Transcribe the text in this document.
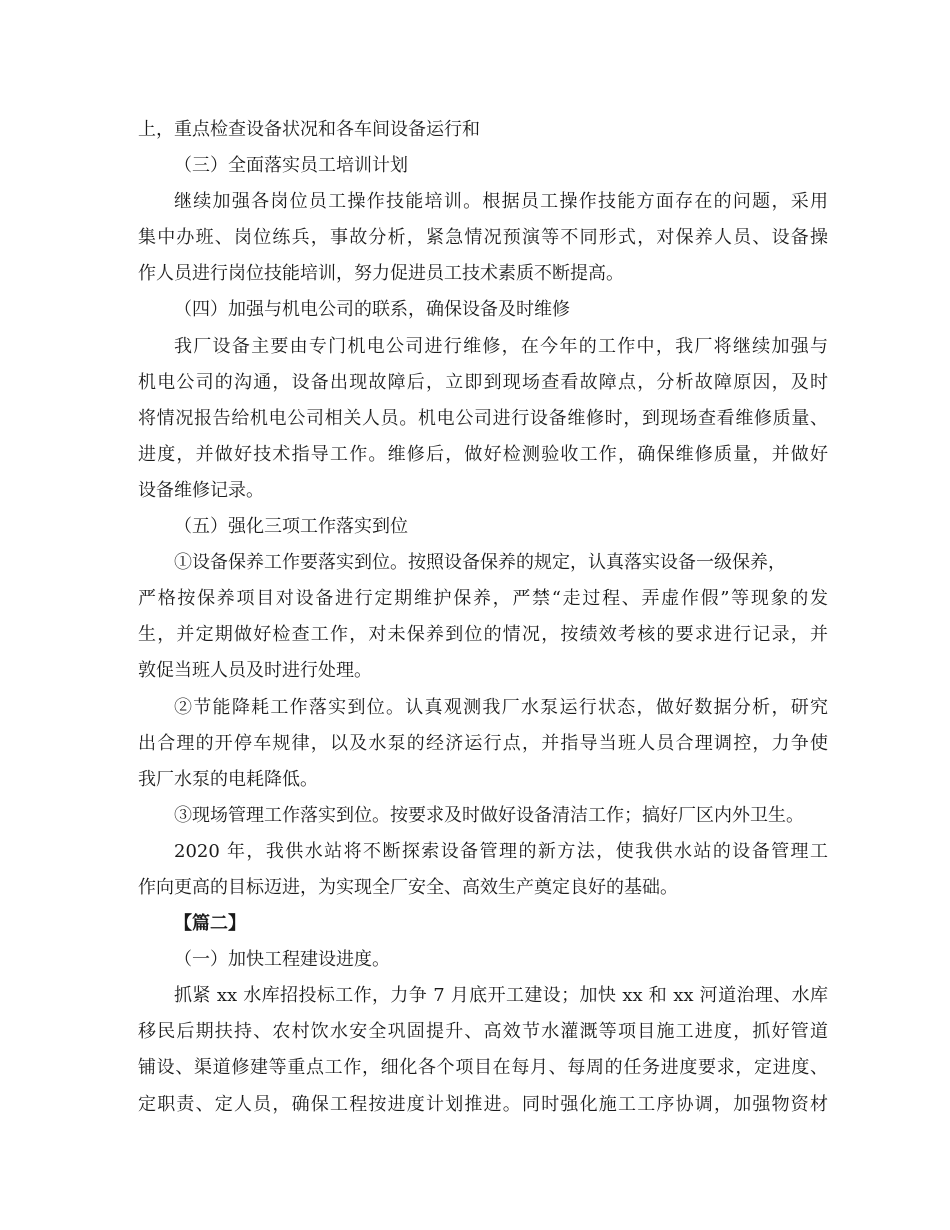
上，重点检查设备状况和各车间设备运行和
（三）全面落实员工培训计划
继续加强各岗位员工操作技能培训。根据员工操作技能方面存在的问题，采用
集中办班、岗位练兵，事故分析，紧急情况预演等不同形式，对保养人员、设备操
作人员进行岗位技能培训，努力促进员工技术素质不断提高。
（四）加强与机电公司的联系，确保设备及时维修
我厂设备主要由专门机电公司进行维修，在今年的工作中，我厂将继续加强与
机电公司的沟通，设备出现故障后，立即到现场查看故障点，分析故障原因，及时
将情况报告给机电公司相关人员。机电公司进行设备维修时，到现场查看维修质量、
进度，并做好技术指导工作。维修后，做好检测验收工作，确保维修质量，并做好
设备维修记录。
（五）强化三项工作落实到位
①设备保养工作要落实到位。按照设备保养的规定，认真落实设备一级保养，
严格按保养项目对设备进行定期维护保养，严禁“走过程、弄虚作假”等现象的发
生，并定期做好检查工作，对未保养到位的情况，按绩效考核的要求进行记录，并
敦促当班人员及时进行处理。
②节能降耗工作落实到位。认真观测我厂水泵运行状态，做好数据分析，研究
出合理的开停车规律，以及水泵的经济运行点，并指导当班人员合理调控，力争使
我厂水泵的电耗降低。
③现场管理工作落实到位。按要求及时做好设备清洁工作；搞好厂区内外卫生。
2020 年，我供水站将不断探索设备管理的新方法，使我供水站的设备管理工
作向更高的目标迈进，为实现全厂安全、高效生产奠定良好的基础。
【篇二】
（一）加快工程建设进度。
抓紧 xx 水库招投标工作，力争 7 月底开工建设；加快 xx 和 xx 河道治理、水库
移民后期扶持、农村饮水安全巩固提升、高效节水灌溉等项目施工进度，抓好管道
铺设、渠道修建等重点工作，细化各个项目在每月、每周的任务进度要求，定进度、
定职责、定人员，确保工程按进度计划推进。同时强化施工工序协调，加强物资材
